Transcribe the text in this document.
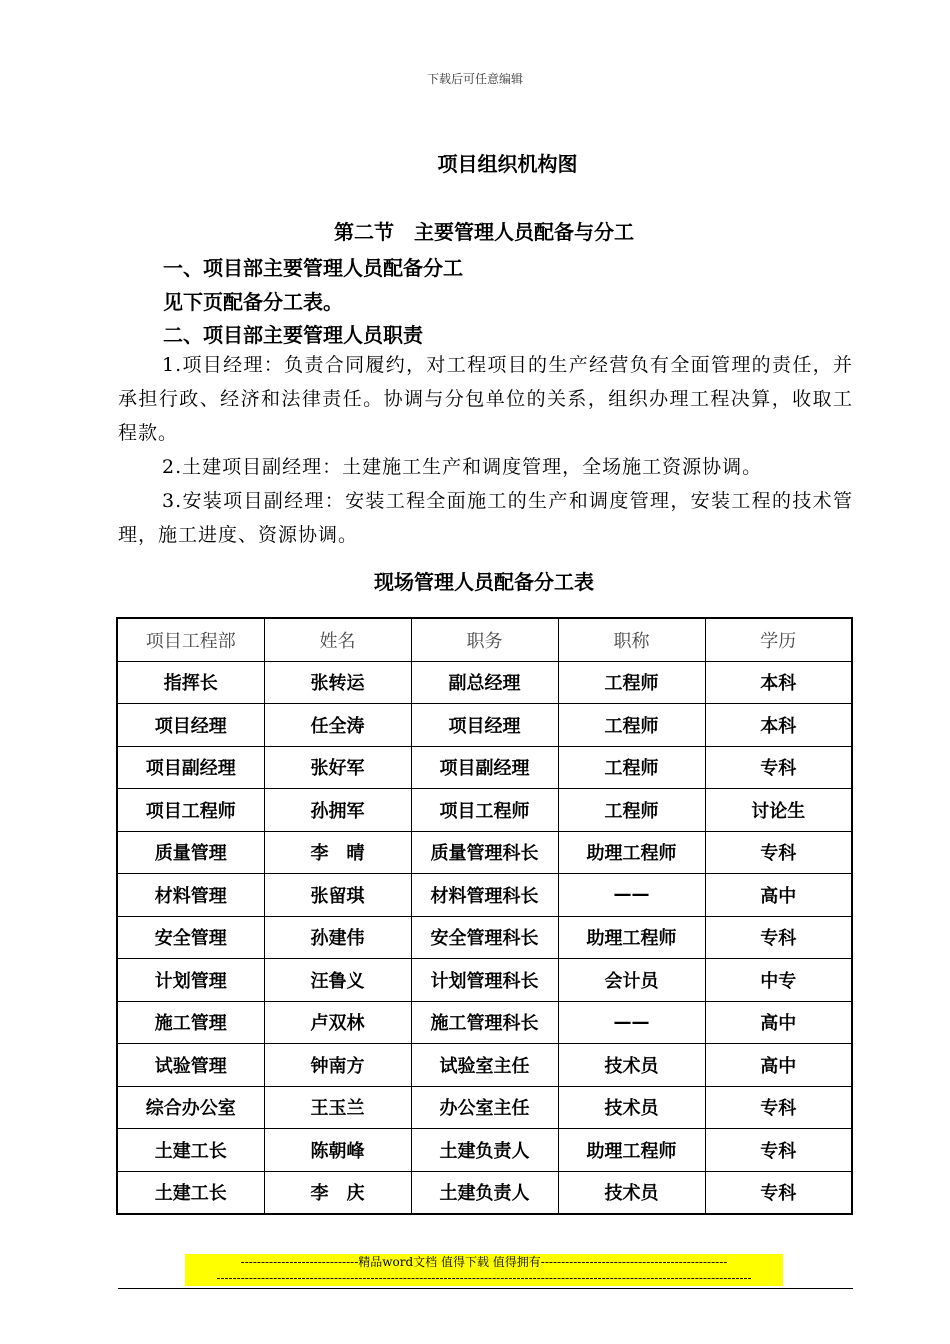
下载后可任意编辑
项目组织机构图
第二节　主要管理人员配备与分工
一、项目部主要管理人员配备分工
见下页配备分工表。
二、项目部主要管理人员职责
1.项目经理：负责合同履约，对工程项目的生产经营负有全面管理的责任，并承担行政、经济和法律责任。协调与分包单位的关系，组织办理工程决算，收取工程款。
2.土建项目副经理：土建施工生产和调度管理，全场施工资源协调。
3.安装项目副经理：安装工程全面施工的生产和调度管理，安装工程的技术管理，施工进度、资源协调。
现场管理人员配备分工表
项目工程部	姓名	职务	职称	学历
指挥长	张转运	副总经理	工程师	本科
项目经理	任全涛	项目经理	工程师	本科
项目副经理	张好军	项目副经理	工程师	专科
项目工程师	孙拥军	项目工程师	工程师	讨论生
质量管理	李　晴	质量管理科长	助理工程师	专科
材料管理	张留琪	材料管理科长	——	高中
安全管理	孙建伟	安全管理科长	助理工程师	专科
计划管理	汪鲁义	计划管理科长	会计员	中专
施工管理	卢双林	施工管理科长	——	高中
试验管理	钟南方	试验室主任	技术员	高中
综合办公室	王玉兰	办公室主任	技术员	专科
土建工长	陈朝峰	土建负责人	助理工程师	专科
土建工长	李　庆	土建负责人	技术员	专科
-----------------------------精品word文档 值得下载 值得拥有----------------------------------------------
------------------------------------------------------------------------------------------------------------------------------------
